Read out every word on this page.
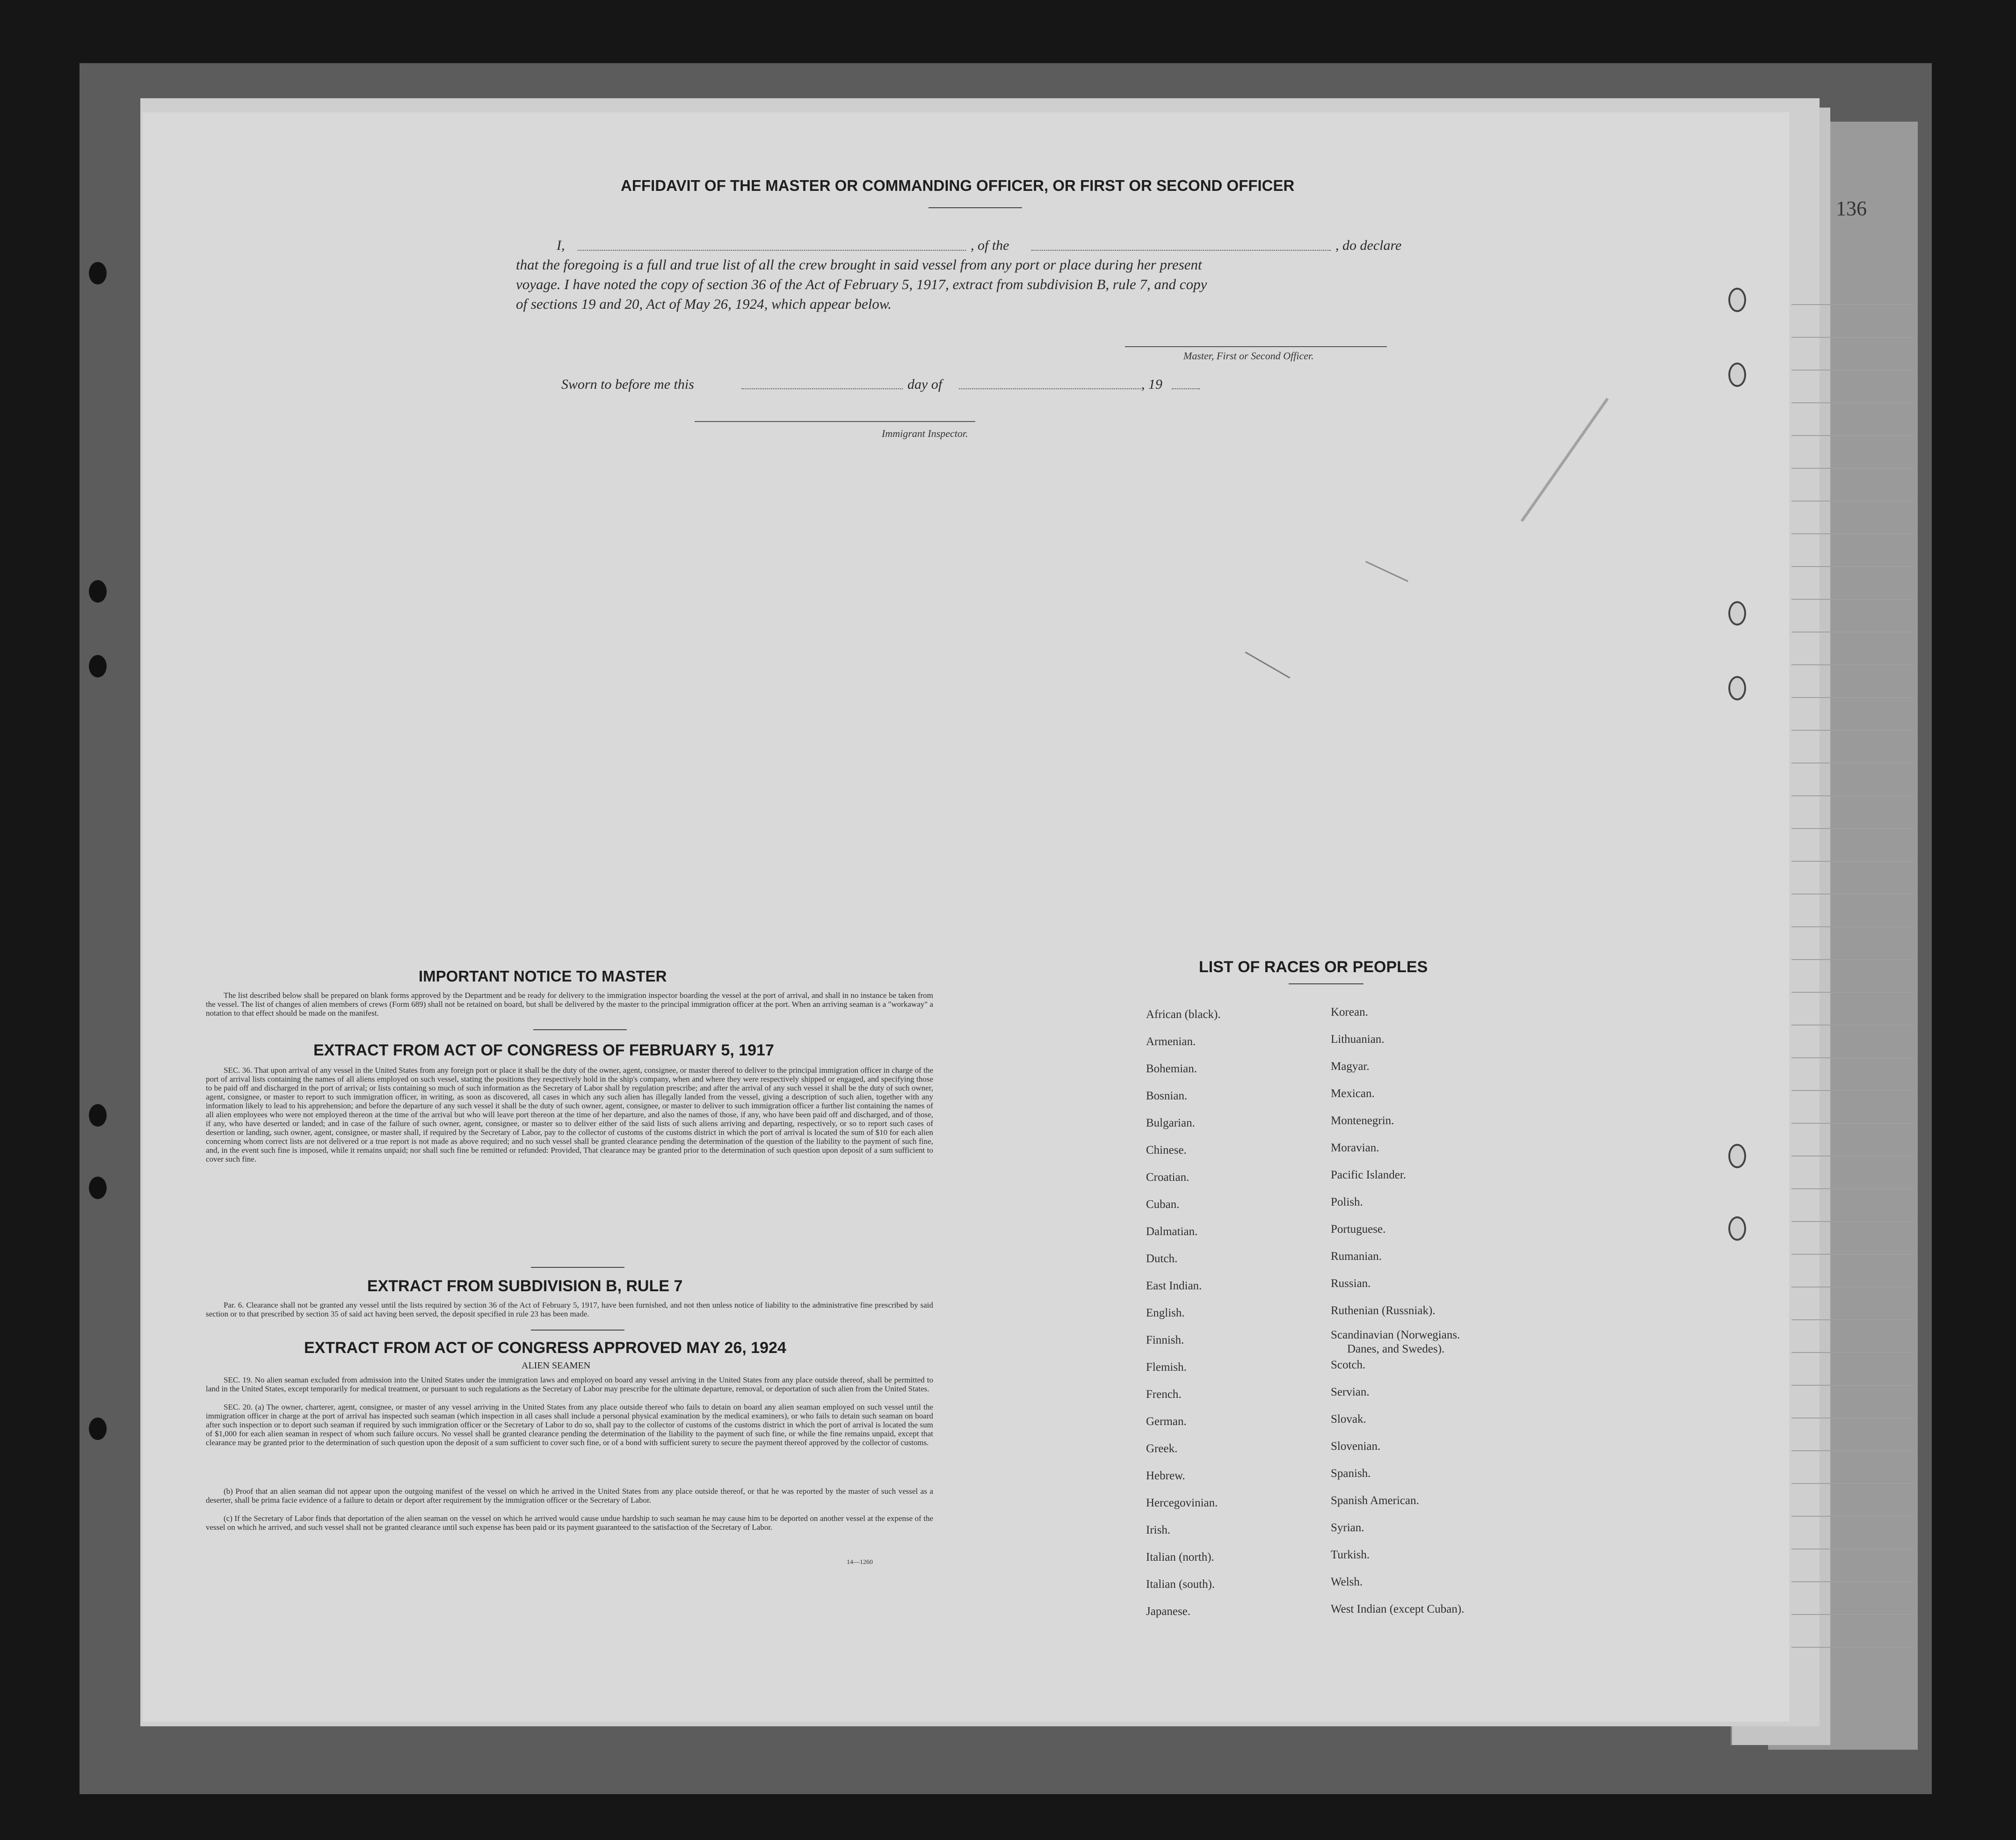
136
AFFIDAVIT OF THE MASTER OR COMMANDING OFFICER, OR FIRST OR SECOND OFFICER
I,	, of the	, do declare
that the foregoing is a full and true list of all the crew brought in said vessel from any port or place during her present
voyage. I have noted the copy of section 36 of the Act of February 5, 1917, extract from subdivision B, rule 7, and copy
of sections 19 and 20, Act of May 26, 1924, which appear below.
Master, First or Second Officer.
Sworn to before me this	day of	, 19
Immigrant Inspector.
IMPORTANT NOTICE TO MASTER
The list described below shall be prepared on blank forms approved by the Department and be ready for delivery to the immigration inspector boarding the vessel at the port of arrival, and shall in no instance be taken from the vessel. The list of changes of alien members of crews (Form 689) shall not be retained on board, but shall be delivered by the master to the principal immigration officer at the port. When an arriving seaman is a "workaway" a notation to that effect should be made on the manifest.
EXTRACT FROM ACT OF CONGRESS OF FEBRUARY 5, 1917
SEC. 36. That upon arrival of any vessel in the United States from any foreign port or place it shall be the duty of the owner, agent, consignee, or master thereof to deliver to the principal immigration officer in charge of the port of arrival lists containing the names of all aliens employed on such vessel, stating the positions they respectively hold in the ship's company, when and where they were respectively shipped or engaged, and specifying those to be paid off and discharged in the port of arrival; or lists containing so much of such information as the Secretary of Labor shall by regulation prescribe; and after the arrival of any such vessel it shall be the duty of such owner, agent, consignee, or master to report to such immigration officer, in writing, as soon as discovered, all cases in which any such alien has illegally landed from the vessel, giving a description of such alien, together with any information likely to lead to his apprehension; and before the departure of any such vessel it shall be the duty of such owner, agent, consignee, or master to deliver to such immigration officer a further list containing the names of all alien employees who were not employed thereon at the time of the arrival but who will leave port thereon at the time of her departure, and also the names of those, if any, who have been paid off and discharged, and of those, if any, who have deserted or landed; and in case of the failure of such owner, agent, consignee, or master so to deliver either of the said lists of such aliens arriving and departing, respectively, or so to report such cases of desertion or landing, such owner, agent, consignee, or master shall, if required by the Secretary of Labor, pay to the collector of customs of the customs district in which the port of arrival is located the sum of $10 for each alien concerning whom correct lists are not delivered or a true report is not made as above required; and no such vessel shall be granted clearance pending the determination of the question of the liability to the payment of such fine, and, in the event such fine is imposed, while it remains unpaid; nor shall such fine be remitted or refunded: Provided, That clearance may be granted prior to the determination of such question upon deposit of a sum sufficient to cover such fine.
EXTRACT FROM SUBDIVISION B, RULE 7
Par. 6. Clearance shall not be granted any vessel until the lists required by section 36 of the Act of February 5, 1917, have been furnished, and not then unless notice of liability to the administrative fine prescribed by said section or to that prescribed by section 35 of said act having been served, the deposit specified in rule 23 has been made.
EXTRACT FROM ACT OF CONGRESS APPROVED MAY 26, 1924
ALIEN SEAMEN
SEC. 19. No alien seaman excluded from admission into the United States under the immigration laws and employed on board any vessel arriving in the United States from any place outside thereof, shall be permitted to land in the United States, except temporarily for medical treatment, or pursuant to such regulations as the Secretary of Labor may prescribe for the ultimate departure, removal, or deportation of such alien from the United States.
SEC. 20. (a) The owner, charterer, agent, consignee, or master of any vessel arriving in the United States from any place outside thereof who fails to detain on board any alien seaman employed on such vessel until the immigration officer in charge at the port of arrival has inspected such seaman (which inspection in all cases shall include a personal physical examination by the medical examiners), or who fails to detain such seaman on board after such inspection or to deport such seaman if required by such immigration officer or the Secretary of Labor to do so, shall pay to the collector of customs of the customs district in which the port of arrival is located the sum of $1,000 for each alien seaman in respect of whom such failure occurs. No vessel shall be granted clearance pending the determination of the liability to the payment of such fine, or while the fine remains unpaid, except that clearance may be granted prior to the determination of such question upon the deposit of a sum sufficient to cover such fine, or of a bond with sufficient surety to secure the payment thereof approved by the collector of customs.
(b) Proof that an alien seaman did not appear upon the outgoing manifest of the vessel on which he arrived in the United States from any place outside thereof, or that he was reported by the master of such vessel as a deserter, shall be prima facie evidence of a failure to detain or deport after requirement by the immigration officer or the Secretary of Labor.
(c) If the Secretary of Labor finds that deportation of the alien seaman on the vessel on which he arrived would cause undue hardship to such seaman he may cause him to be deported on another vessel at the expense of the vessel on which he arrived, and such vessel shall not be granted clearance until such expense has been paid or its payment guaranteed to the satisfaction of the Secretary of Labor.
14—1260
LIST OF RACES OR PEOPLES
African (black).
Armenian.
Bohemian.
Bosnian.
Bulgarian.
Chinese.
Croatian.
Cuban.
Dalmatian.
Dutch.
East Indian.
English.
Finnish.
Flemish.
French.
German.
Greek.
Hebrew.
Hercegovinian.
Irish.
Italian (north).
Italian (south).
Japanese.
Korean.
Lithuanian.
Magyar.
Mexican.
Montenegrin.
Moravian.
Pacific Islander.
Polish.
Portuguese.
Rumanian.
Russian.
Ruthenian (Russniak).
Scandinavian (Norwegians.
Danes, and Swedes).
Scotch.
Servian.
Slovak.
Slovenian.
Spanish.
Spanish American.
Syrian.
Turkish.
Welsh.
West Indian (except Cuban).
